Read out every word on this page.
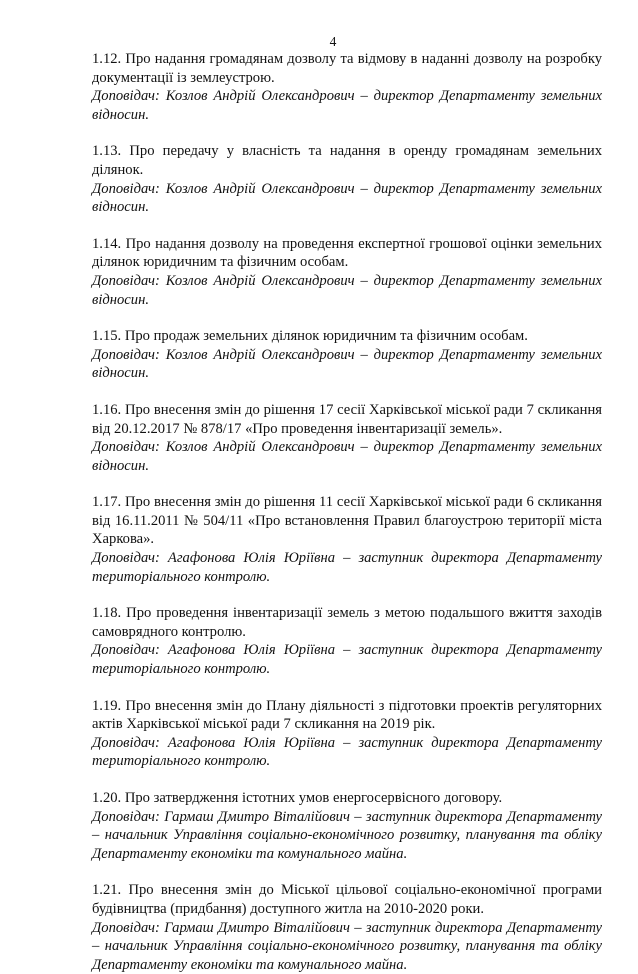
4

1.12. Про надання громадянам дозволу та відмову в наданні дозволу на розробку документації із землеустрою.

Доповідач: Козлов Андрій Олександрович – директор Департаменту земельних відносин.

1.13. Про передачу у власність та надання в оренду громадянам земельних ділянок.

Доповідач: Козлов Андрій Олександрович – директор Департаменту земельних відносин.

1.14. Про надання дозволу на проведення експертної грошової оцінки земельних ділянок юридичним та фізичним особам.

Доповідач: Козлов Андрій Олександрович – директор Департаменту земельних відносин.

1.15. Про продаж земельних ділянок юридичним та фізичним особам.

Доповідач: Козлов Андрій Олександрович – директор Департаменту земельних відносин.

1.16. Про внесення змін до рішення 17 сесії Харківської міської ради 7 скликання від 20.12.2017 № 878/17 «Про проведення інвентаризації земель».

Доповідач: Козлов Андрій Олександрович – директор Департаменту земельних відносин.

1.17. Про внесення змін до рішення 11 сесії Харківської міської ради 6 скликання від 16.11.2011 № 504/11 «Про встановлення Правил благоустрою території міста Харкова».

Доповідач: Агафонова Юлія Юріївна – заступник директора Департаменту територіального контролю.

1.18. Про проведення інвентаризації земель з метою подальшого вжиття заходів самоврядного контролю.

Доповідач: Агафонова Юлія Юріївна – заступник директора Департаменту територіального контролю.

1.19. Про внесення змін до Плану діяльності з підготовки проектів регуляторних актів Харківської міської ради 7 скликання на 2019 рік.

Доповідач: Агафонова Юлія Юріївна – заступник директора Департаменту територіального контролю.

1.20. Про затвердження істотних умов енергосервісного договору.

Доповідач: Гармаш Дмитро Віталійович – заступник директора Департаменту – начальник Управління соціально-економічного розвитку, планування та обліку Департаменту економіки та комунального майна.

1.21. Про внесення змін до Міської цільової соціально-економічної програми будівництва (придбання) доступного житла на 2010-2020 роки.

Доповідач: Гармаш Дмитро Віталійович – заступник директора Департаменту – начальник Управління соціально-економічного розвитку, планування та обліку Департаменту економіки та комунального майна.
